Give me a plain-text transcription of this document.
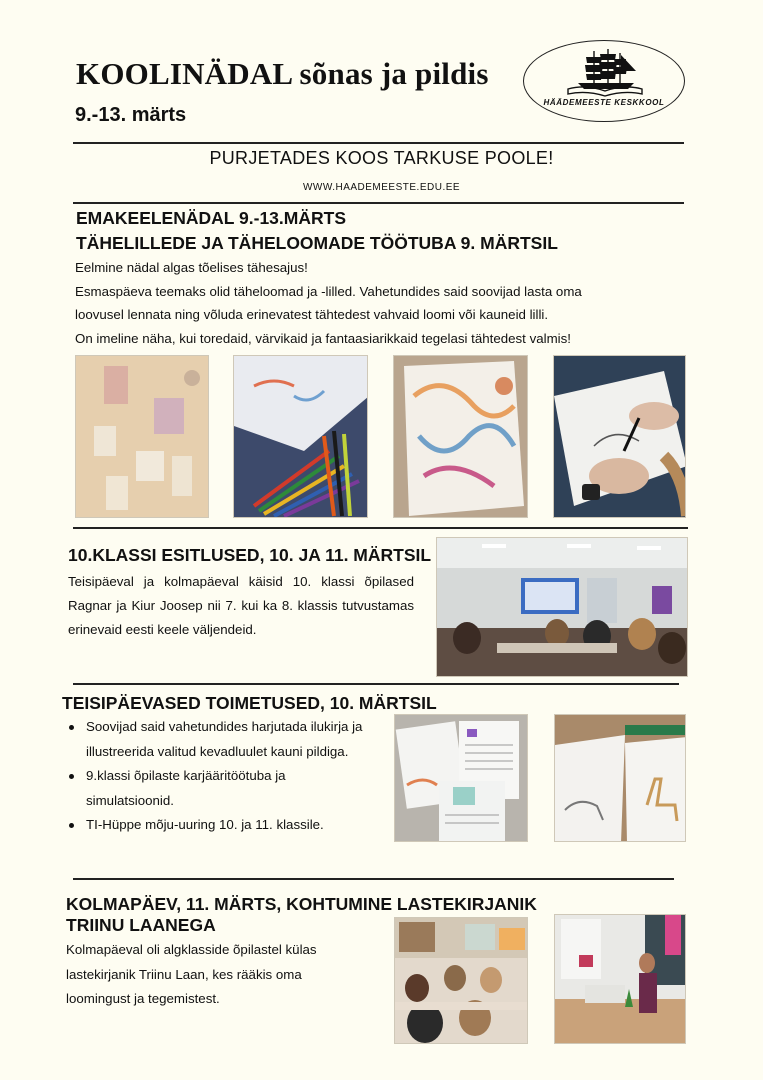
KOOLINÄDAL sõnas ja pildis
9.-13. märts
HÄÄDEMEESTE KESKKOOL
PURJETADES KOOS TARKUSE POOLE!
WWW.HAADEMEESTE.EDU.EE
EMAKEELENÄDAL 9.-13.MÄRTS
TÄHELILLEDE JA TÄHELOOMADE TÖÖTUBA 9. MÄRTSIL
Eelmine nädal algas tõelises tähesajus!
Esmaspäeva teemaks olid täheloomad ja -lilled. Vahetundides said soovijad lasta oma
loovusel lennata ning võluda erinevatest tähtedest vahvaid loomi või kauneid lilli.
On imeline näha, kui toredaid, värvikaid ja fantaasiarikkaid tegelasi tähtedest valmis!
10.KLASSI ESITLUSED, 10. JA 11. MÄRTSIL
Teisipäeval ja kolmapäeval käisid 10. klassi õpilased Ragnar ja Kiur Joosep nii 7. kui ka 8. klassis tutvustamas erinevaid eesti keele väljendeid.
TEISIPÄEVASED TOIMETUSED, 10. MÄRTSIL
Soovijad said vahetundides harjutada ilukirja ja illustreerida valitud kevadluulet kauni pildiga.
9.klassi õpilaste karjääritöötuba ja simulatsioonid.
TI-Hüppe mõju-uuring 10. ja 11. klassile.
KOLMAPÄEV, 11. MÄRTS, KOHTUMINE LASTEKIRJANIK
TRIINU LAANEGA
Kolmapäeval oli algklasside õpilastel külas
lastekirjanik Triinu Laan, kes rääkis oma
loomingust ja tegemistest.
